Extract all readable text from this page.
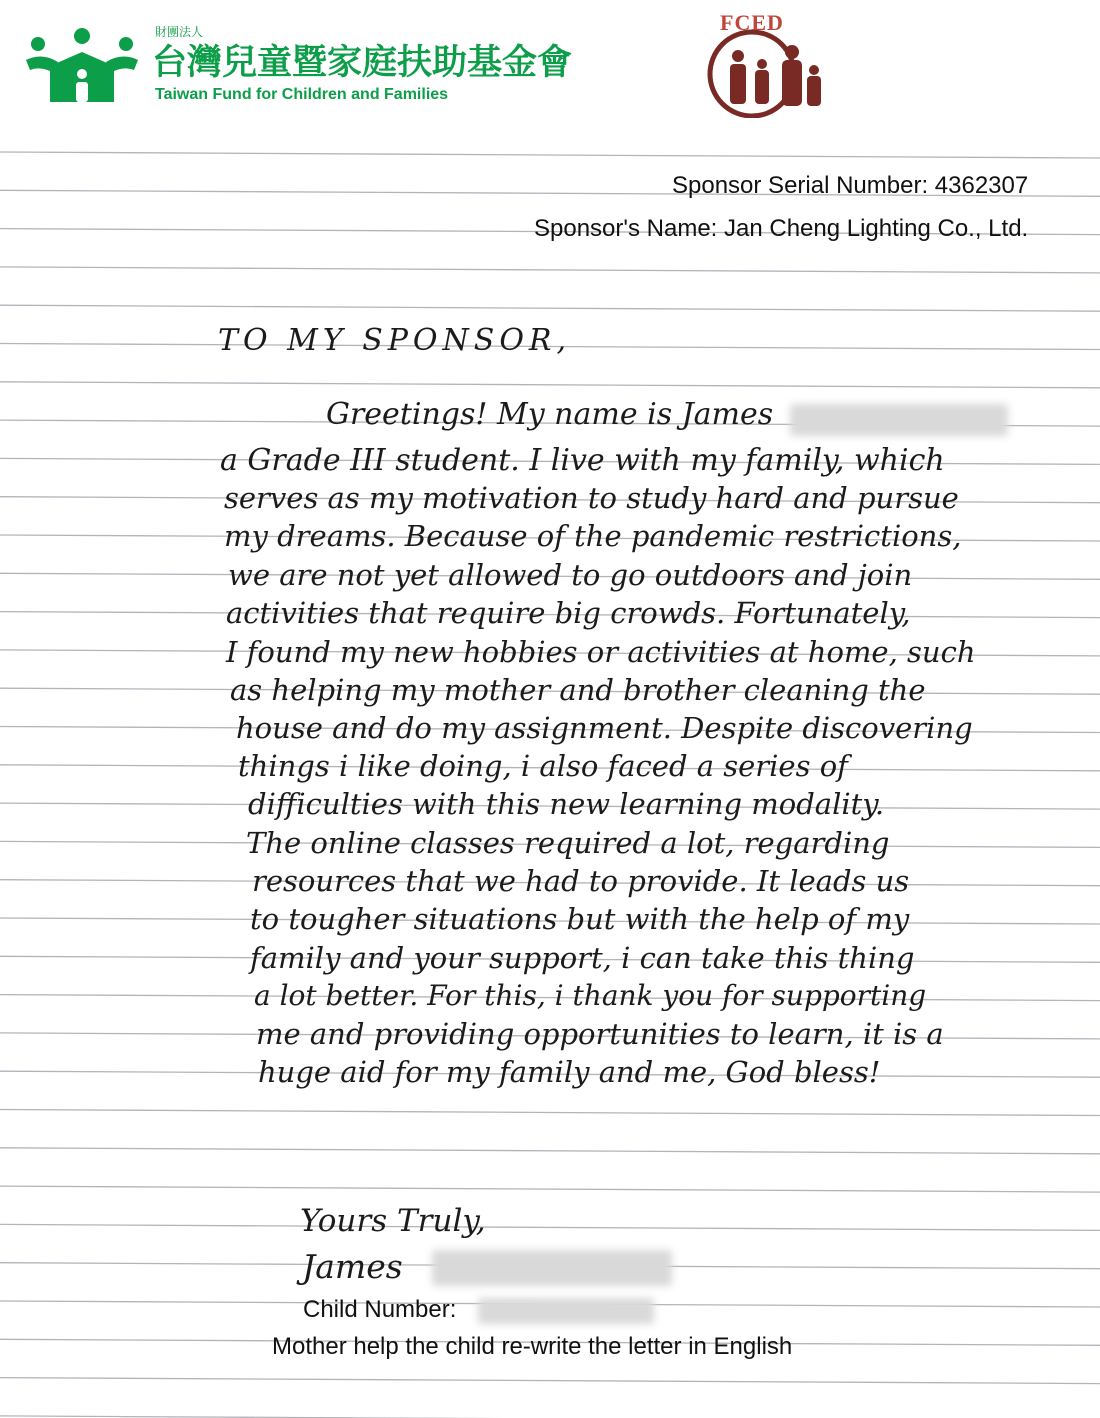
財團法人
台灣兒童暨家庭扶助基金會
Taiwan Fund for Children and Families
FCED
Sponsor Serial Number: 4362307
Sponsor's Name: Jan Cheng Lighting Co., Ltd.
TO MY SPONSOR,
Greetings! My name is James
a Grade III student. I live with my family, which
serves as my motivation to study hard and pursue
my dreams. Because of the pandemic restrictions,
we are not yet allowed to go outdoors and join
activities that require big crowds. Fortunately,
I found my new hobbies or activities at home, such
as helping my mother and brother cleaning the
house and do my assignment. Despite discovering
things i like doing, i also faced a series of
difficulties with this new learning modality.
The online classes required a lot, regarding
resources that we had to provide. It leads us
to tougher situations but with the help of my
family and your support, i can take this thing
a lot better. For this, i thank you for supporting
me and providing opportunities to learn, it is a
huge aid for my family and me, God bless!
Yours Truly,
James
Child Number:
Mother help the child re-write the letter in English
